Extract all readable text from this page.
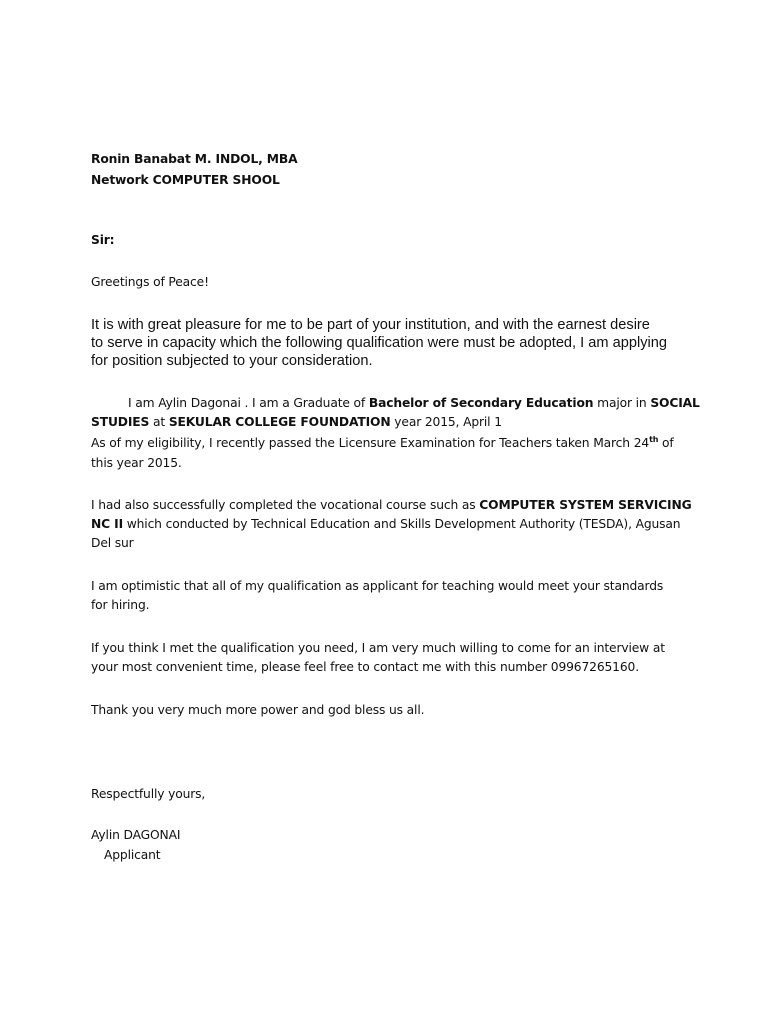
Ronin Banabat M. INDOL, MBA
Network COMPUTER SHOOL
Sir:
Greetings of Peace!
It is with great pleasure for me to be part of your institution, and with the earnest desire
to serve in capacity which the following qualification were must be adopted, I am applying
for position subjected to your consideration.
I am Aylin Dagonai . I am a Graduate of Bachelor of Secondary Education major in SOCIAL
STUDIES at SEKULAR COLLEGE FOUNDATION year 2015, April 1
As of my eligibility, I recently passed the Licensure Examination for Teachers taken March 24th of
this year 2015.
I had also successfully completed the vocational course such as COMPUTER SYSTEM SERVICING
NC II which conducted by Technical Education and Skills Development Authority (TESDA), Agusan
Del sur
I am optimistic that all of my qualification as applicant for teaching would meet your standards
for hiring.
If you think I met the qualification you need, I am very much willing to come for an interview at
your most convenient time, please feel free to contact me with this number 09967265160.
Thank you very much more power and god bless us all.
Respectfully yours,
Aylin DAGONAI
Applicant
